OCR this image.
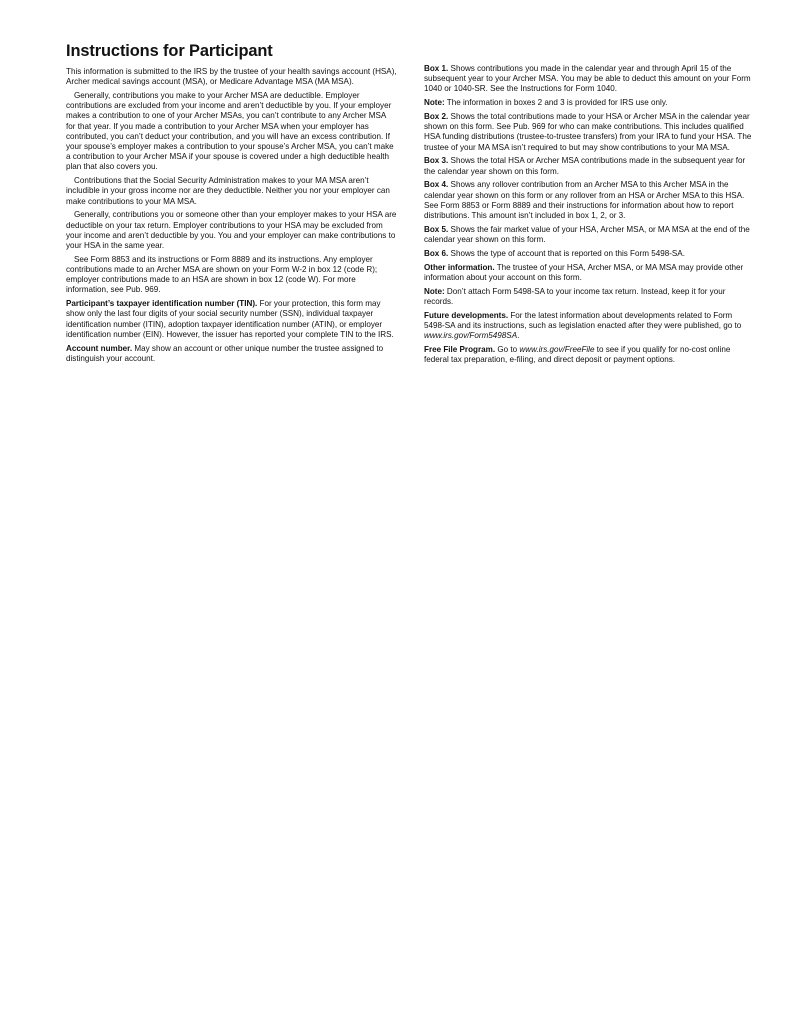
Instructions for Participant

This information is submitted to the IRS by the trustee of your health savings account (HSA), Archer medical savings account (MSA), or Medicare Advantage MSA (MA MSA).

Generally, contributions you make to your Archer MSA are deductible. Employer contributions are excluded from your income and aren’t deductible by you. If your employer makes a contribution to one of your Archer MSAs, you can’t contribute to any Archer MSA for that year. If you made a contribution to your Archer MSA when your employer has contributed, you can’t deduct your contribution, and you will have an excess contribution. If your spouse’s employer makes a contribution to your spouse’s Archer MSA, you can’t make a contribution to your Archer MSA if your spouse is covered under a high deductible health plan that also covers you.

Contributions that the Social Security Administration makes to your MA MSA aren’t includible in your gross income nor are they deductible. Neither you nor your employer can make contributions to your MA MSA.

Generally, contributions you or someone other than your employer makes to your HSA are deductible on your tax return. Employer contributions to your HSA may be excluded from your income and aren’t deductible by you. You and your employer can make contributions to your HSA in the same year.

See Form 8853 and its instructions or Form 8889 and its instructions. Any employer contributions made to an Archer MSA are shown on your Form W-2 in box 12 (code R); employer contributions made to an HSA are shown in box 12 (code W). For more information, see Pub. 969.

Participant’s taxpayer identification number (TIN). For your protection, this form may show only the last four digits of your social security number (SSN), individual taxpayer identification number (ITIN), adoption taxpayer identification number (ATIN), or employer identification number (EIN). However, the issuer has reported your complete TIN to the IRS.

Account number. May show an account or other unique number the trustee assigned to distinguish your account.

Box 1. Shows contributions you made in the calendar year and through April 15 of the subsequent year to your Archer MSA. You may be able to deduct this amount on your Form 1040 or 1040-SR. See the Instructions for Form 1040.

Note: The information in boxes 2 and 3 is provided for IRS use only.

Box 2. Shows the total contributions made to your HSA or Archer MSA in the calendar year shown on this form. See Pub. 969 for who can make contributions. This includes qualified HSA funding distributions (trustee-to-trustee transfers) from your IRA to fund your HSA. The trustee of your MA MSA isn’t required to but may show contributions to your MA MSA.

Box 3. Shows the total HSA or Archer MSA contributions made in the subsequent year for the calendar year shown on this form.

Box 4. Shows any rollover contribution from an Archer MSA to this Archer MSA in the calendar year shown on this form or any rollover from an HSA or Archer MSA to this HSA. See Form 8853 or Form 8889 and their instructions for information about how to report distributions. This amount isn’t included in box 1, 2, or 3.

Box 5. Shows the fair market value of your HSA, Archer MSA, or MA MSA at the end of the calendar year shown on this form.

Box 6. Shows the type of account that is reported on this Form 5498-SA.

Other information. The trustee of your HSA, Archer MSA, or MA MSA may provide other information about your account on this form.

Note: Don’t attach Form 5498-SA to your income tax return. Instead, keep it for your records.

Future developments. For the latest information about developments related to Form 5498-SA and its instructions, such as legislation enacted after they were published, go to www.irs.gov/Form5498SA.

Free File Program. Go to www.irs.gov/FreeFile to see if you qualify for no-cost online federal tax preparation, e-filing, and direct deposit or payment options.
